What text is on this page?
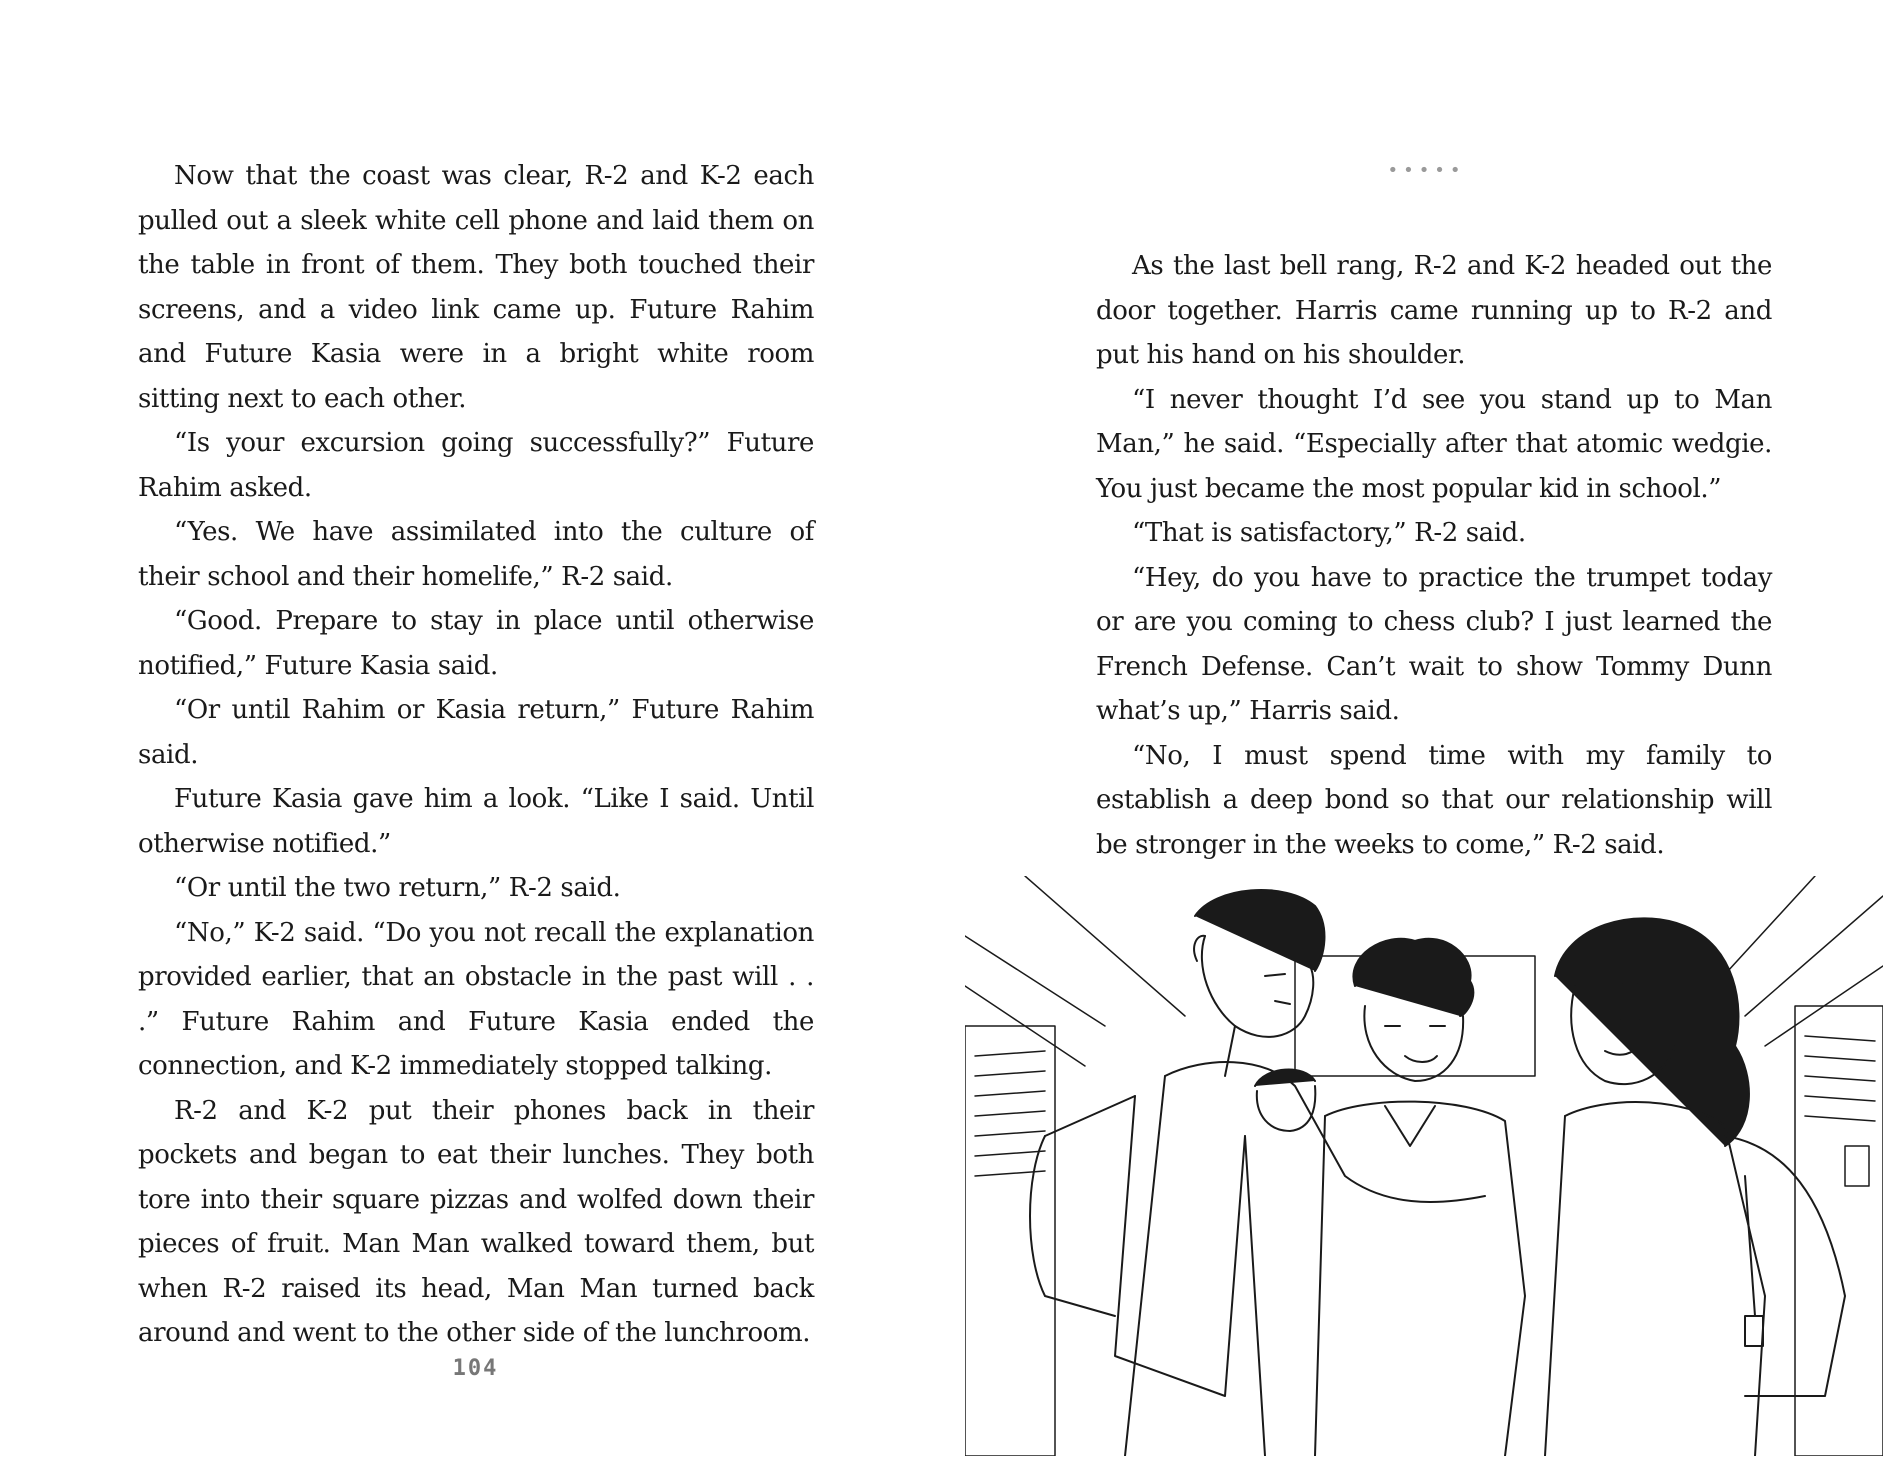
Now that the coast was clear, R-2 and K-2 each pulled out a sleek white cell phone and laid them on the table in front of them. They both touched their screens, and a video link came up. Future Rahim and Future Kasia were in a bright white room sitting next to each other.

“Is your excursion going successfully?” Future Rahim asked.

“Yes. We have assimilated into the culture of their school and their homelife,” R-2 said.

“Good. Prepare to stay in place until otherwise notified,” Future Kasia said.

“Or until Rahim or Kasia return,” Future Rahim said.

Future Kasia gave him a look. “Like I said. Until otherwise notified.”

“Or until the two return,” R-2 said.

“No,” K-2 said. “Do you not recall the explanation provided earlier, that an obstacle in the past will . . .” Future Rahim and Future Kasia ended the connection, and K-2 immediately stopped talking.

R-2 and K-2 put their phones back in their pockets and began to eat their lunches. They both tore into their square pizzas and wolfed down their pieces of fruit. Man Man walked toward them, but when R-2 raised its head, Man Man turned back around and went to the other side of the lunchroom.

104
•••••

As the last bell rang, R-2 and K-2 headed out the door together. Harris came running up to R-2 and put his hand on his shoulder.

“I never thought I’d see you stand up to Man Man,” he said. “Especially after that atomic wedgie. You just became the most popular kid in school.”

“That is satisfactory,” R-2 said.

“Hey, do you have to practice the trumpet today or are you coming to chess club? I just learned the French Defense. Can’t wait to show Tommy Dunn what’s up,” Harris said.

“No, I must spend time with my family to establish a deep bond so that our relationship will be stronger in the weeks to come,” R-2 said.
